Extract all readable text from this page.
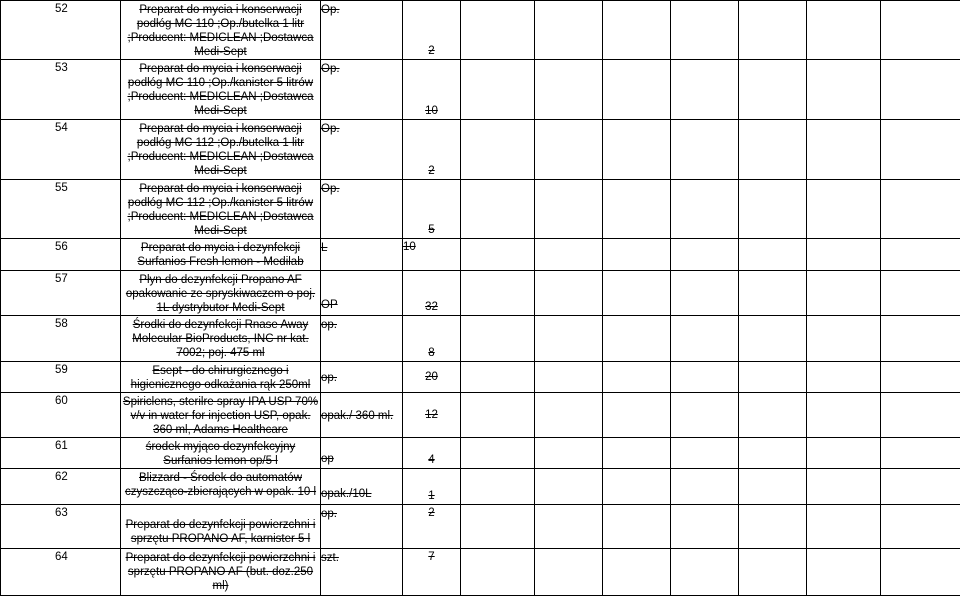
52	Preparat do mycia i konserwacji podłóg MC 110 ;Op./butelka 1 litr ;Producent: MEDICLEAN ;Dostawca Medi-Sept	Op.	2							
53	Preparat do mycia i konserwacji podłóg MC 110 ;Op./kanister 5 litrów ;Producent: MEDICLEAN ;Dostawca Medi-Sept	Op.	10							
54	Preparat do mycia i konserwacji podłóg MC 112 ;Op./butelka 1 litr ;Producent: MEDICLEAN ;Dostawca Medi-Sept	Op.	2							
55	Preparat do mycia i konserwacji podłóg MC 112 ;Op./kanister 5 litrów ;Producent: MEDICLEAN ;Dostawca Medi-Sept	Op.	5							
56	Preparat do mycia i dezynfekcji Surfanios Fresh lemon - Medilab	L	10							
57	Płyn do dezynfekcji Propano AF opakowanie ze spryskiwaczem o poj. 1L dystrybutor Medi-Sept	OP	32							
58	Środki do dezynfekcji Rnase Away Molecular BioProducts, INC nr kat. 7002; poj. 475 ml	op.	8							
59	Esept - do chirurgicznego i higienicznego odkażania rąk 250ml	op.	20							
60	Spiriclens, sterilre spray IPA USP 70% v/v in water for injection USP, opak. 360 ml, Adams Healthcare	opak./ 360 ml.	12							
61	środek myjąco dezynfekcyjny Surfanios lemon op/5 l	op	4							
62	Blizzard - Środek do automatów czyszcząco-zbierających w opak. 10 l	opak./10L	1							
63	Preparat do dezynfekcji powierzchni i sprzętu PROPANO AF, karnister 5 l	op.	2							
64	Preparat do dezynfekcji powierzchni i sprzętu PROPANO AF (but. doz.250 ml)	szt.	7							
